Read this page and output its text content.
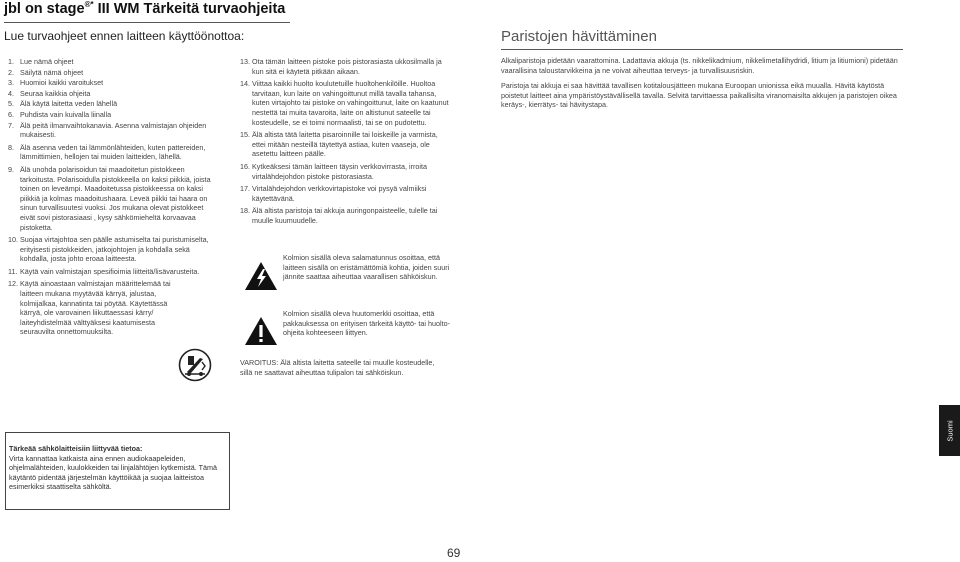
jbl on stage®* III WM Tärkeitä turvaohjeita
Lue turvaohjeet ennen laitteen käyttöönottoa:
1. Lue nämä ohjeet
2. Säilytä nämä ohjeet
3. Huomioi kaikki varoitukset
4. Seuraa kaikkia ohjeita
5. Älä käytä laitetta veden lähellä
6. Puhdista vain kuivalla liinalla
7. Älä peitä ilmanvaihtokanavia. Asenna valmistajan ohjeiden mukaisesti.
8. Älä asenna veden tai lämmönlähteiden, kuten pattereiden, lämmittimien, hellojen tai muiden laitteiden, lähellä.
9. Älä unohda polarisoidun tai maadoitetun pistokkeen tarkoitusta. Polarisoidulla pistokkeella on kaksi piikkiä, joista toinen on leveämpi. Maadoitetussa pistokkeessa on kaksi piikkiä ja kolmas maadoitushaara. Leveä piikki tai haara on sinun turvallisuutesi vuoksi. Jos mukana olevat pistokkeet eivät sovi pistorasiaasi , kysy sähkömieheltä korvaavaa pistoketta.
10. Suojaa virtajohtoa sen päälle astumiselta tai puristumiselta, erityisesti pistokkeiden, jatkojohtojen ja kohdalla sekä kohdalla, josta johto eroaa laitteesta.
11. Käytä vain valmistajan spesifioimia liitteitä/lisävarusteita.
12. Käytä ainoastaan valmistajan määrittelemää tai laitteen mukana myytävää kärryä, jalustaa, kolmijalkaa, kannatinta tai pöytää. Käytettässä kärryä, ole varovainen liikuttaessasi kärry/ laiteyhdistelmää välttyäksesi kaatumisesta seurauvilta onnettomuuksilta.
Tärkeää sähkölaitteisiin liittyvää tietoa:
Virta kannattaa katkaista aina ennen audiokaapeleiden, ohjelmalähteiden, kuulokkeiden tai linjalähtöjen kytkemistä. Tämä käytäntö pidentää järjestelmän käyttöikää ja suojaa laitteistoa esimerkiksi staattiselta sähköltä.
13. Ota tämän laitteen pistoke pois pistorasiasta ukkosilmalla ja kun sitä ei käytetä pitkään aikaan.
14. Viittaa kaikki huolto koulutetuille huoltohenkilöille. Huoltoa tarvitaan, kun laite on vahingoittunut millä tavalla tahansa, kuten virtajohto tai pistoke on vahingoittunut, laite on kaatunut nestettä tai muita tavaroita, laite on altistunut sateelle tai kosteudelle, se ei toimi normaalisti, tai se on pudotettu.
15. Älä altista tätä laitetta pisaroinnille tai loiskeille ja varmista, ettei mitään nesteillä täytettyä astiaa, kuten vaaseja, ole asetettu laitteen päälle.
16. Kytkeäksesi tämän laitteen täysin verkkovirrasta, irroita virtalähdejohdon pistoke pistorasiasta.
17. Virtalähdejohdon verkkovirtapistoke voi pysyä valmiiksi käytettävänä.
18. Älä altista paristoja tai akkuja auringonpaisteelle, tulelle tai muulle kuumuudelle.
Kolmion sisällä oleva salamatunnus osoittaa, että laitteen sisällä on eristämättömiä kohtia, joiden suuri jännite saattaa aiheuttaa vaarallisen sähköiskun.
Kolmion sisällä oleva huutomerkki osoittaa, että pakkauksessa on erityisen tärkeitä käyttö- tai huolto-ohjeita kohteeseen liittyen.
VAROITUS: Älä altista laitetta sateelle tai muulle kosteudelle, sillä ne saattavat aiheuttaa tulipalon tai sähköiskun.
Paristojen hävittäminen

Alkaliparistoja pidetään vaarattomina. Ladattavia akkuja (ts. nikkelikadmium, nikkelimetallihydridi, litium ja litiumioni) pidetään vaarallisina taloustarvikkeina ja ne voivat aiheuttaa terveys- ja turvallisuusriskin.

Paristoja tai akkuja ei saa hävittää tavallisen kotitalousjätteen mukana Euroopan unionissa eikä muualla. Hävitä käytöstä poistetut laitteet aina ympäristöystävällisellä tavalla. Selvitä tarvittaessa paikallisilta viranomaisilta akkujen ja paristojen oikea keräys-, kierrätys- tai hävitystapa.

Suomi
69
